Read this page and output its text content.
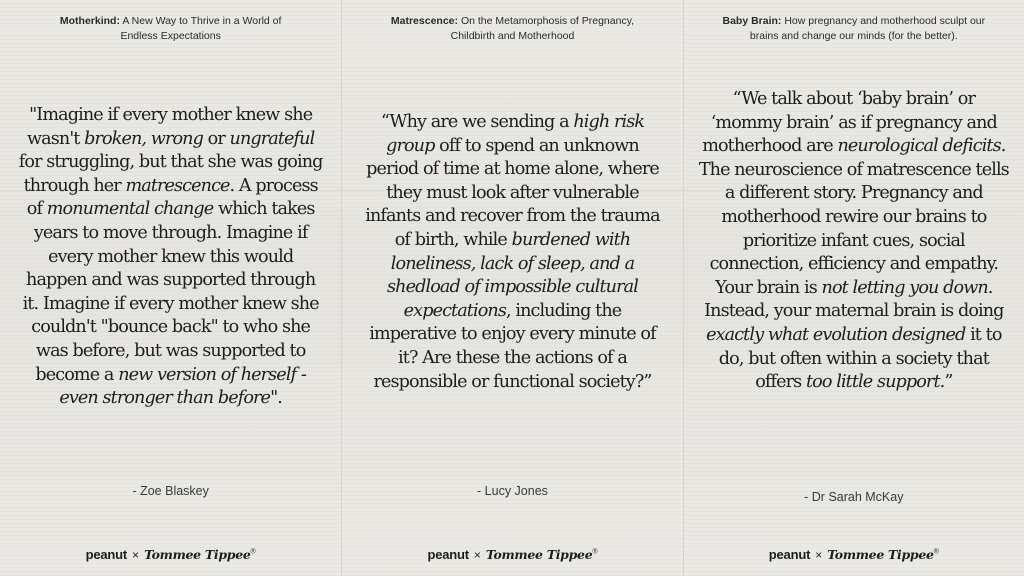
Motherkind: A New Way to Thrive in a World of Endless Expectations

"Imagine if every mother knew she wasn't broken, wrong or ungrateful for struggling, but that she was going through her matrescence. A process of monumental change which takes years to move through. Imagine if every mother knew this would happen and was supported through it. Imagine if every mother knew she couldn't "bounce back" to who she was before, but was supported to become a new version of herself - even stronger than before".

- Zoe Blaskey
peanut × Tommee Tippee®
Matrescence: On the Metamorphosis of Pregnancy, Childbirth and Motherhood

“Why are we sending a high risk group off to spend an unknown period of time at home alone, where they must look after vulnerable infants and recover from the trauma of birth, while burdened with loneliness, lack of sleep, and a shedload of impossible cultural expectations, including the imperative to enjoy every minute of it? Are these the actions of a responsible or functional society?”

- Lucy Jones
peanut × Tommee Tippee®
Baby Brain: How pregnancy and motherhood sculpt our brains and change our minds (for the better).

“We talk about ‘baby brain’ or ‘mommy brain’ as if pregnancy and motherhood are neurological deficits. The neuroscience of matrescence tells a different story. Pregnancy and motherhood rewire our brains to prioritize infant cues, social connection, efficiency and empathy. Your brain is not letting you down. Instead, your maternal brain is doing exactly what evolution designed it to do, but often within a society that offers too little support.”

- Dr Sarah McKay
peanut × Tommee Tippee®
